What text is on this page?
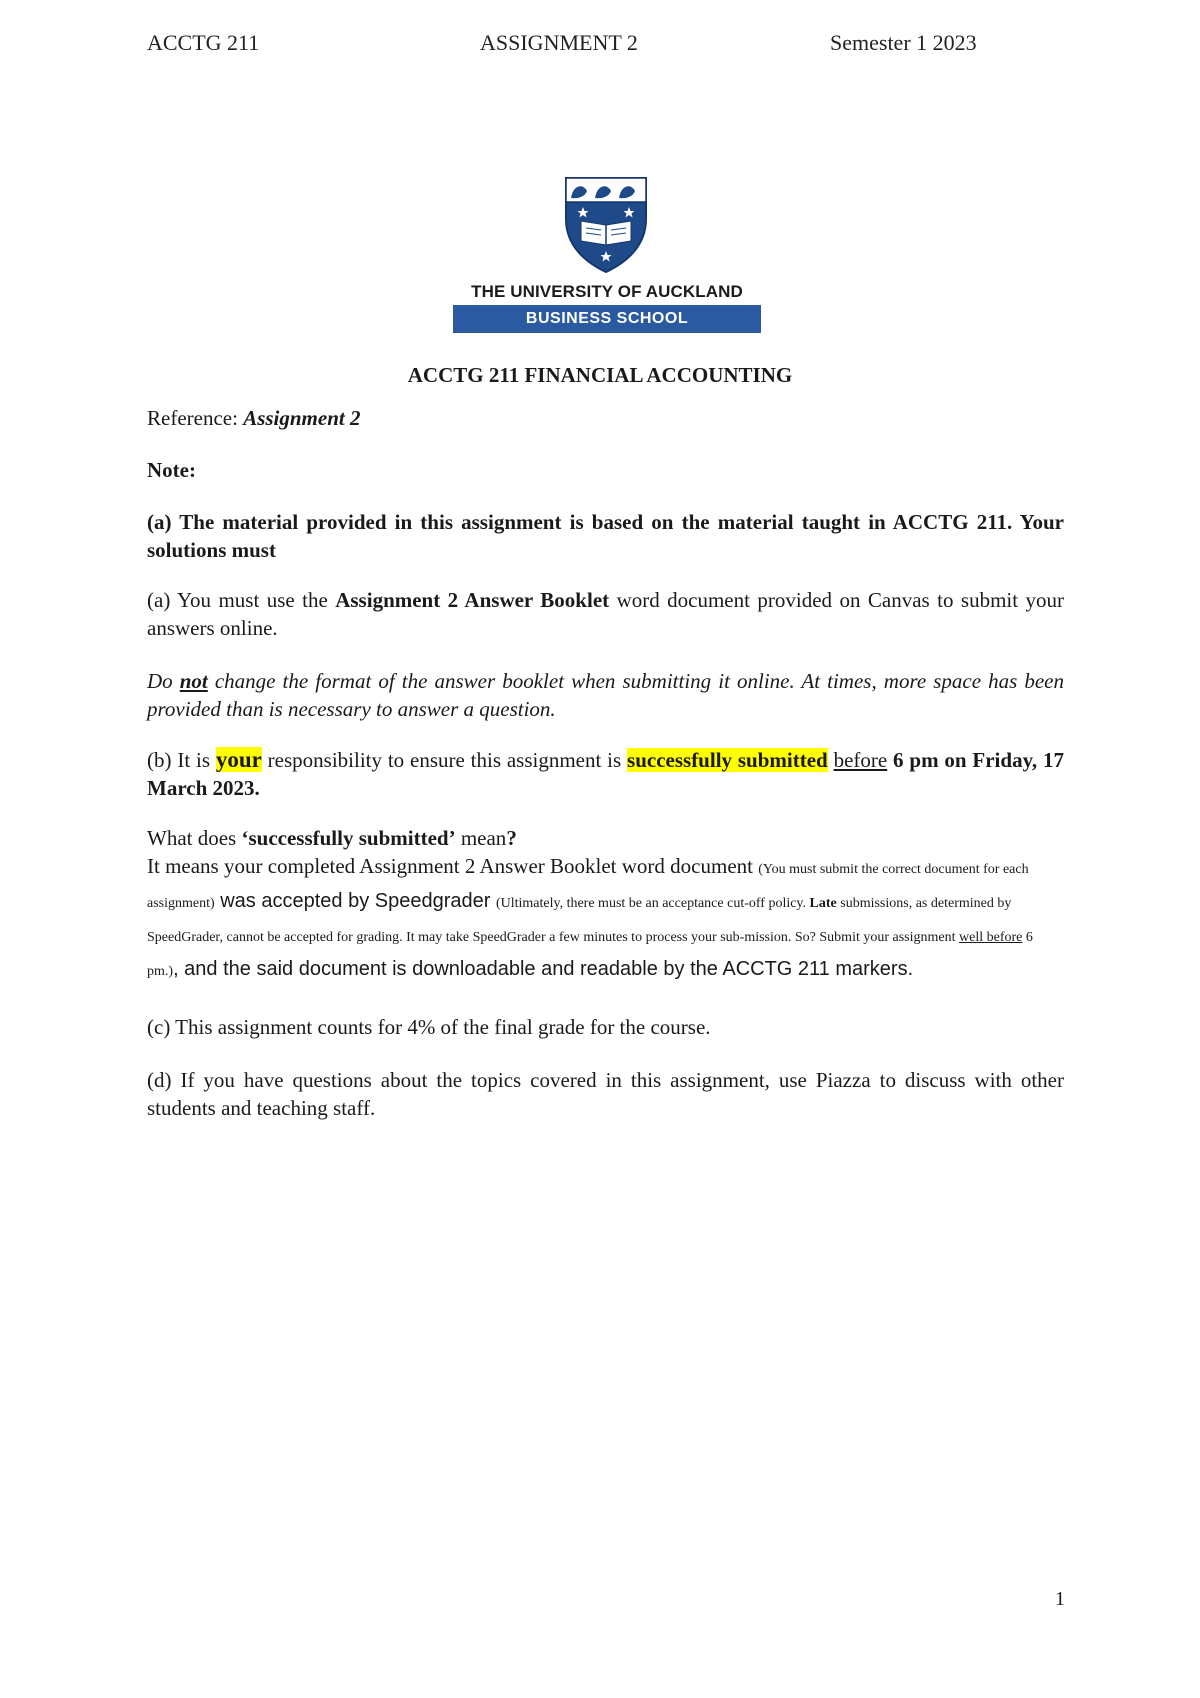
ACCTG 211	ASSIGNMENT 2	Semester 1 2023
THE UNIVERSITY OF AUCKLAND
BUSINESS SCHOOL
ACCTG 211 FINANCIAL ACCOUNTING
Reference: Assignment 2
Note:
(a) The material provided in this assignment is based on the material taught in ACCTG 211. Your solutions must
(a) You must use the Assignment 2 Answer Booklet word document provided on Canvas to submit your answers online.
Do not change the format of the answer booklet when submitting it online. At times, more space has been provided than is necessary to answer a question.
(b) It is your responsibility to ensure this assignment is successfully submitted before 6 pm on Friday, 17 March 2023.
What does ‘successfully submitted’ mean?
It means your completed Assignment 2 Answer Booklet word document (You must submit the correct document for each assignment) was accepted by Speedgrader (Ultimately, there must be an acceptance cut-off policy. Late submissions, as determined by SpeedGrader, cannot be accepted for grading. It may take SpeedGrader a few minutes to process your sub-mission. So? Submit your assignment well before 6 pm.), and the said document is downloadable and readable by the ACCTG 211 markers.
(c) This assignment counts for 4% of the final grade for the course.
(d) If you have questions about the topics covered in this assignment, use Piazza to discuss with other students and teaching staff.
1
